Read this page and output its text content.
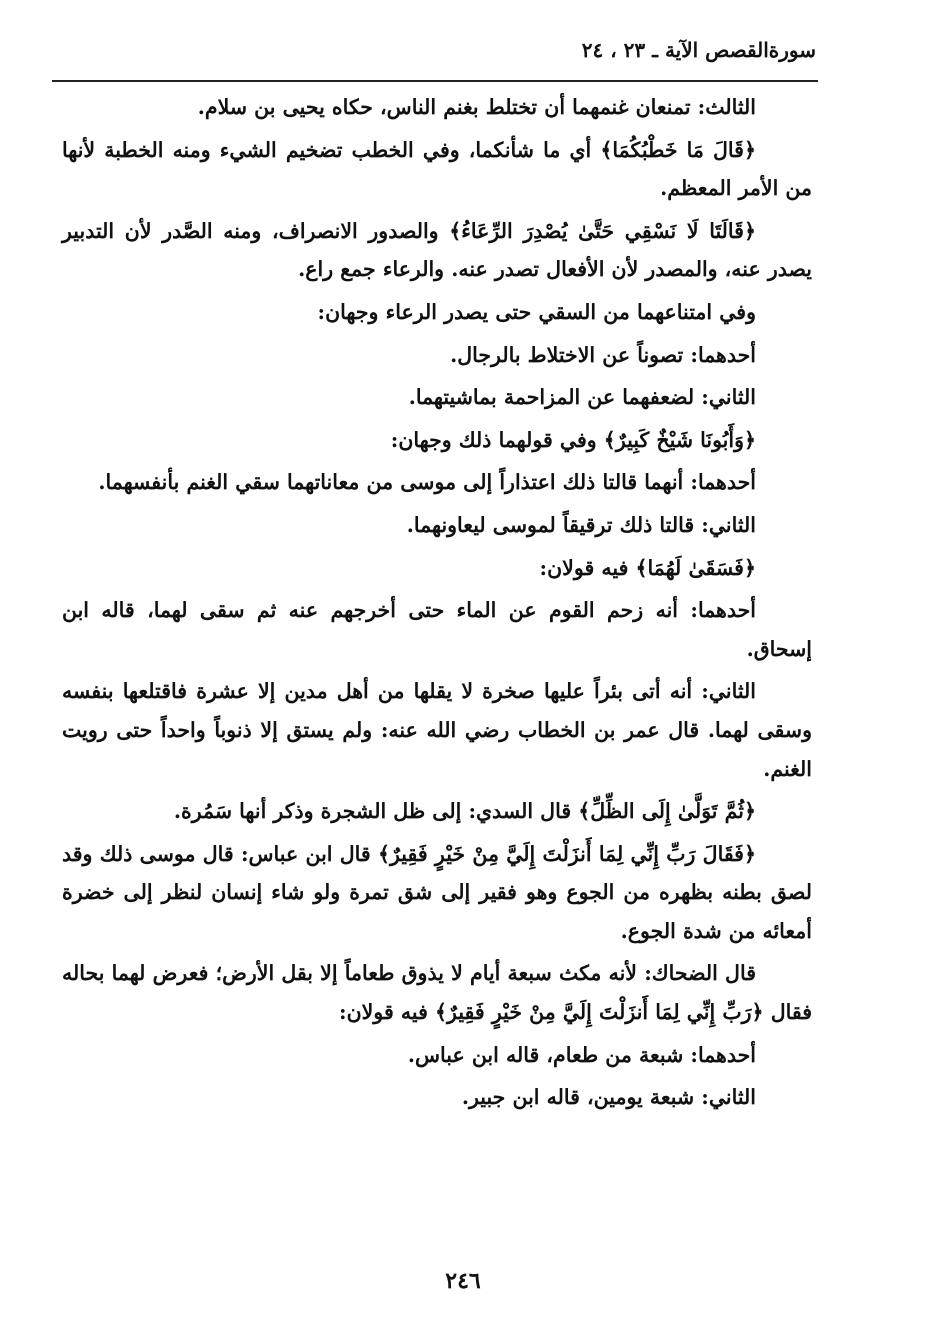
سورةالقصص الآية ـ ٢٣ ، ٢٤

الثالث: تمنعان غنمهما أن تختلط بغنم الناس، حكاه يحيى بن سلام.

﴿قَالَ مَا خَطْبُكُمَا﴾ أي ما شأنكما، وفي الخطب تضخيم الشيء ومنه الخطبة لأنها من الأمر المعظم.

﴿قَالَتَا لَا نَسْقِي حَتَّىٰ يُصْدِرَ الرِّعَاءُ﴾ والصدور الانصراف، ومنه الصَّدر لأن التدبير يصدر عنه، والمصدر لأن الأفعال تصدر عنه. والرعاء جمع راع.

وفي امتناعهما من السقي حتى يصدر الرعاء وجهان:

أحدهما: تصوناً عن الاختلاط بالرجال.

الثاني: لضعفهما عن المزاحمة بماشيتهما.

﴿وَأَبُونَا شَيْخٌ كَبِيرٌ﴾ وفي قولهما ذلك وجهان:

أحدهما: أنهما قالتا ذلك اعتذاراً إلى موسى من معاناتهما سقي الغنم بأنفسهما.

الثاني: قالتا ذلك ترقيقاً لموسى ليعاونهما.

﴿فَسَقَىٰ لَهُمَا﴾ فيه قولان:

أحدهما: أنه زحم القوم عن الماء حتى أخرجهم عنه ثم سقى لهما، قاله ابن إسحاق.

الثاني: أنه أتى بئراً عليها صخرة لا يقلها من أهل مدين إلا عشرة فاقتلعها بنفسه وسقى لهما. قال عمر بن الخطاب رضي الله عنه: ولم يستق إلا ذنوباً واحداً حتى رويت الغنم.

﴿ثُمَّ تَوَلَّىٰ إِلَى الظِّلِّ﴾ قال السدي: إلى ظل الشجرة وذكر أنها سَمُرة.

﴿فَقَالَ رَبِّ إِنِّي لِمَا أَنزَلْتَ إِلَيَّ مِنْ خَيْرٍ فَقِيرٌ﴾ قال ابن عباس: قال موسى ذلك وقد لصق بطنه بظهره من الجوع وهو فقير إلى شق تمرة ولو شاء إنسان لنظر إلى خضرة أمعائه من شدة الجوع.

قال الضحاك: لأنه مكث سبعة أيام لا يذوق طعاماً إلا بقل الأرض؛ فعرض لهما بحاله فقال ﴿رَبِّ إِنِّي لِمَا أَنزَلْتَ إِلَيَّ مِنْ خَيْرٍ فَقِيرٌ﴾ فيه قولان:

أحدهما: شبعة من طعام، قاله ابن عباس.

الثاني: شبعة يومين، قاله ابن جبير.

٢٤٦
